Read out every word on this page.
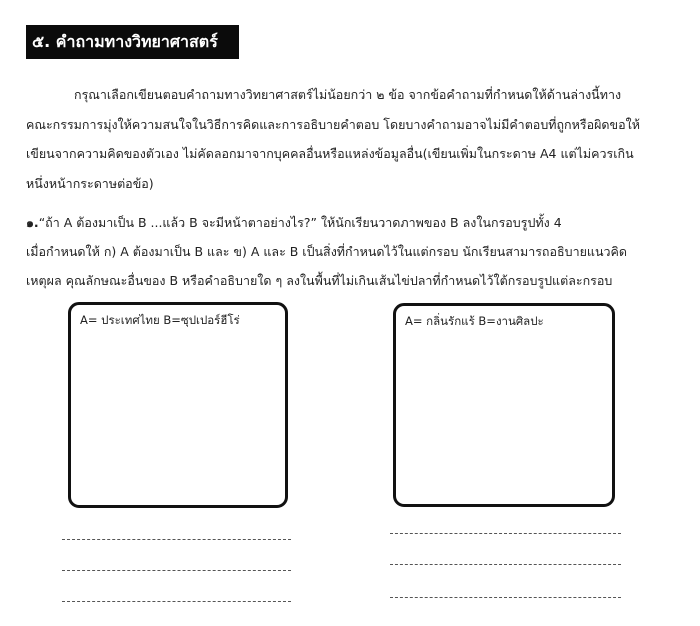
๕. คำถามทางวิทยาศาสตร์

กรุณาเลือกเขียนตอบคำถามทางวิทยาศาสตร์ไม่น้อยกว่า ๒ ข้อ จากข้อคำถามที่กำหนดให้ด้านล่างนี้ทาง

คณะกรรมการมุ่งให้ความสนใจในวิธีการคิดและการอธิบายคำตอบ โดยบางคำถามอาจไม่มีคำตอบที่ถูกหรือผิดขอให้

เขียนจากความคิดของตัวเอง ไม่คัดลอกมาจากบุคคลอื่นหรือแหล่งข้อมูลอื่น(เขียนเพิ่มในกระดาษ A4 แต่ไม่ควรเกิน

หนึ่งหน้ากระดาษต่อข้อ)

๑.“ถ้า A ต้องมาเป็น B ...แล้ว B จะมีหน้าตาอย่างไร?” ให้นักเรียนวาดภาพของ B ลงในกรอบรูปทั้ง 4

เมื่อกำหนดให้ ก) A ต้องมาเป็น B และ ข) A และ B เป็นสิ่งที่กำหนดไว้ในแต่กรอบ นักเรียนสามารถอธิบายแนวคิด

เหตุผล คุณลักษณะอื่นของ B หรือคำอธิบายใด ๆ ลงในพื้นที่ไม่เกินเส้นไข่ปลาที่กำหนดไว้ใต้กรอบรูปแต่ละกรอบ

A= ประเทศไทย B=ซุปเปอร์ฮีโร่	A= กลิ่นรักแร้ B=งานศิลปะ
